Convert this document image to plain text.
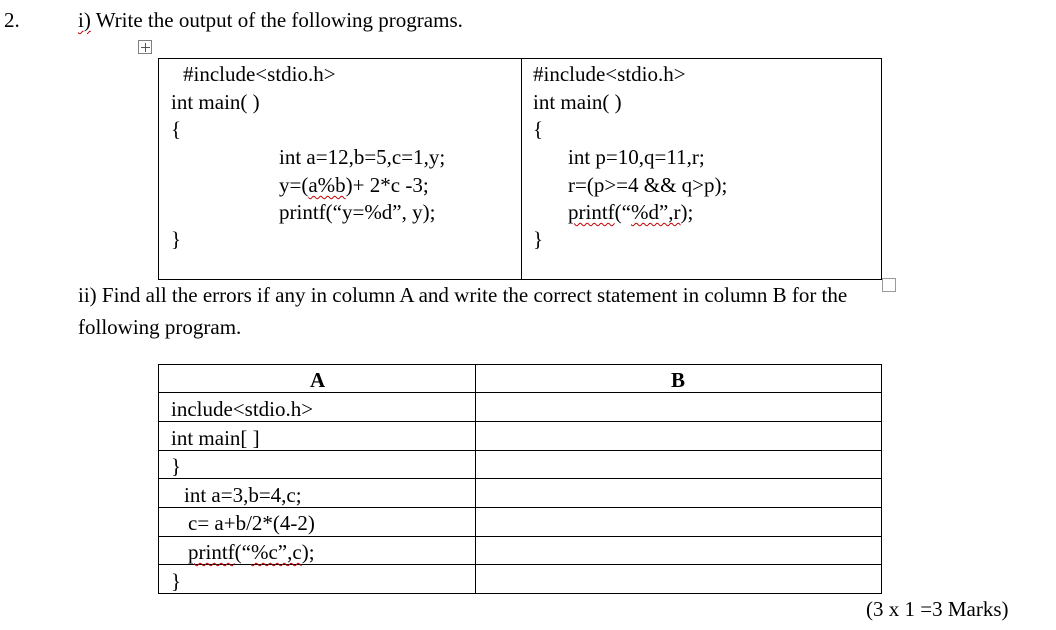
2.	i) Write the output of the following programs.
#include<stdio.h>
int main( )
{
int a=12,b=5,c=1,y;
y=(a%b)+ 2*c -3;
printf(“y=%d”, y);
}
#include<stdio.h>
int main( )
{
int p=10,q=11,r;
r=(p>=4 && q>p);
printf(“%d”,r);
}
ii) Find all the errors if any in column A and write the correct statement in column B for the
following program.
A	B
include<stdio.h>
int main[ ]
}
int a=3,b=4,c;
c= a+b/2*(4-2)
printf(“%c”,c);
}
(3 x 1 =3 Marks)
